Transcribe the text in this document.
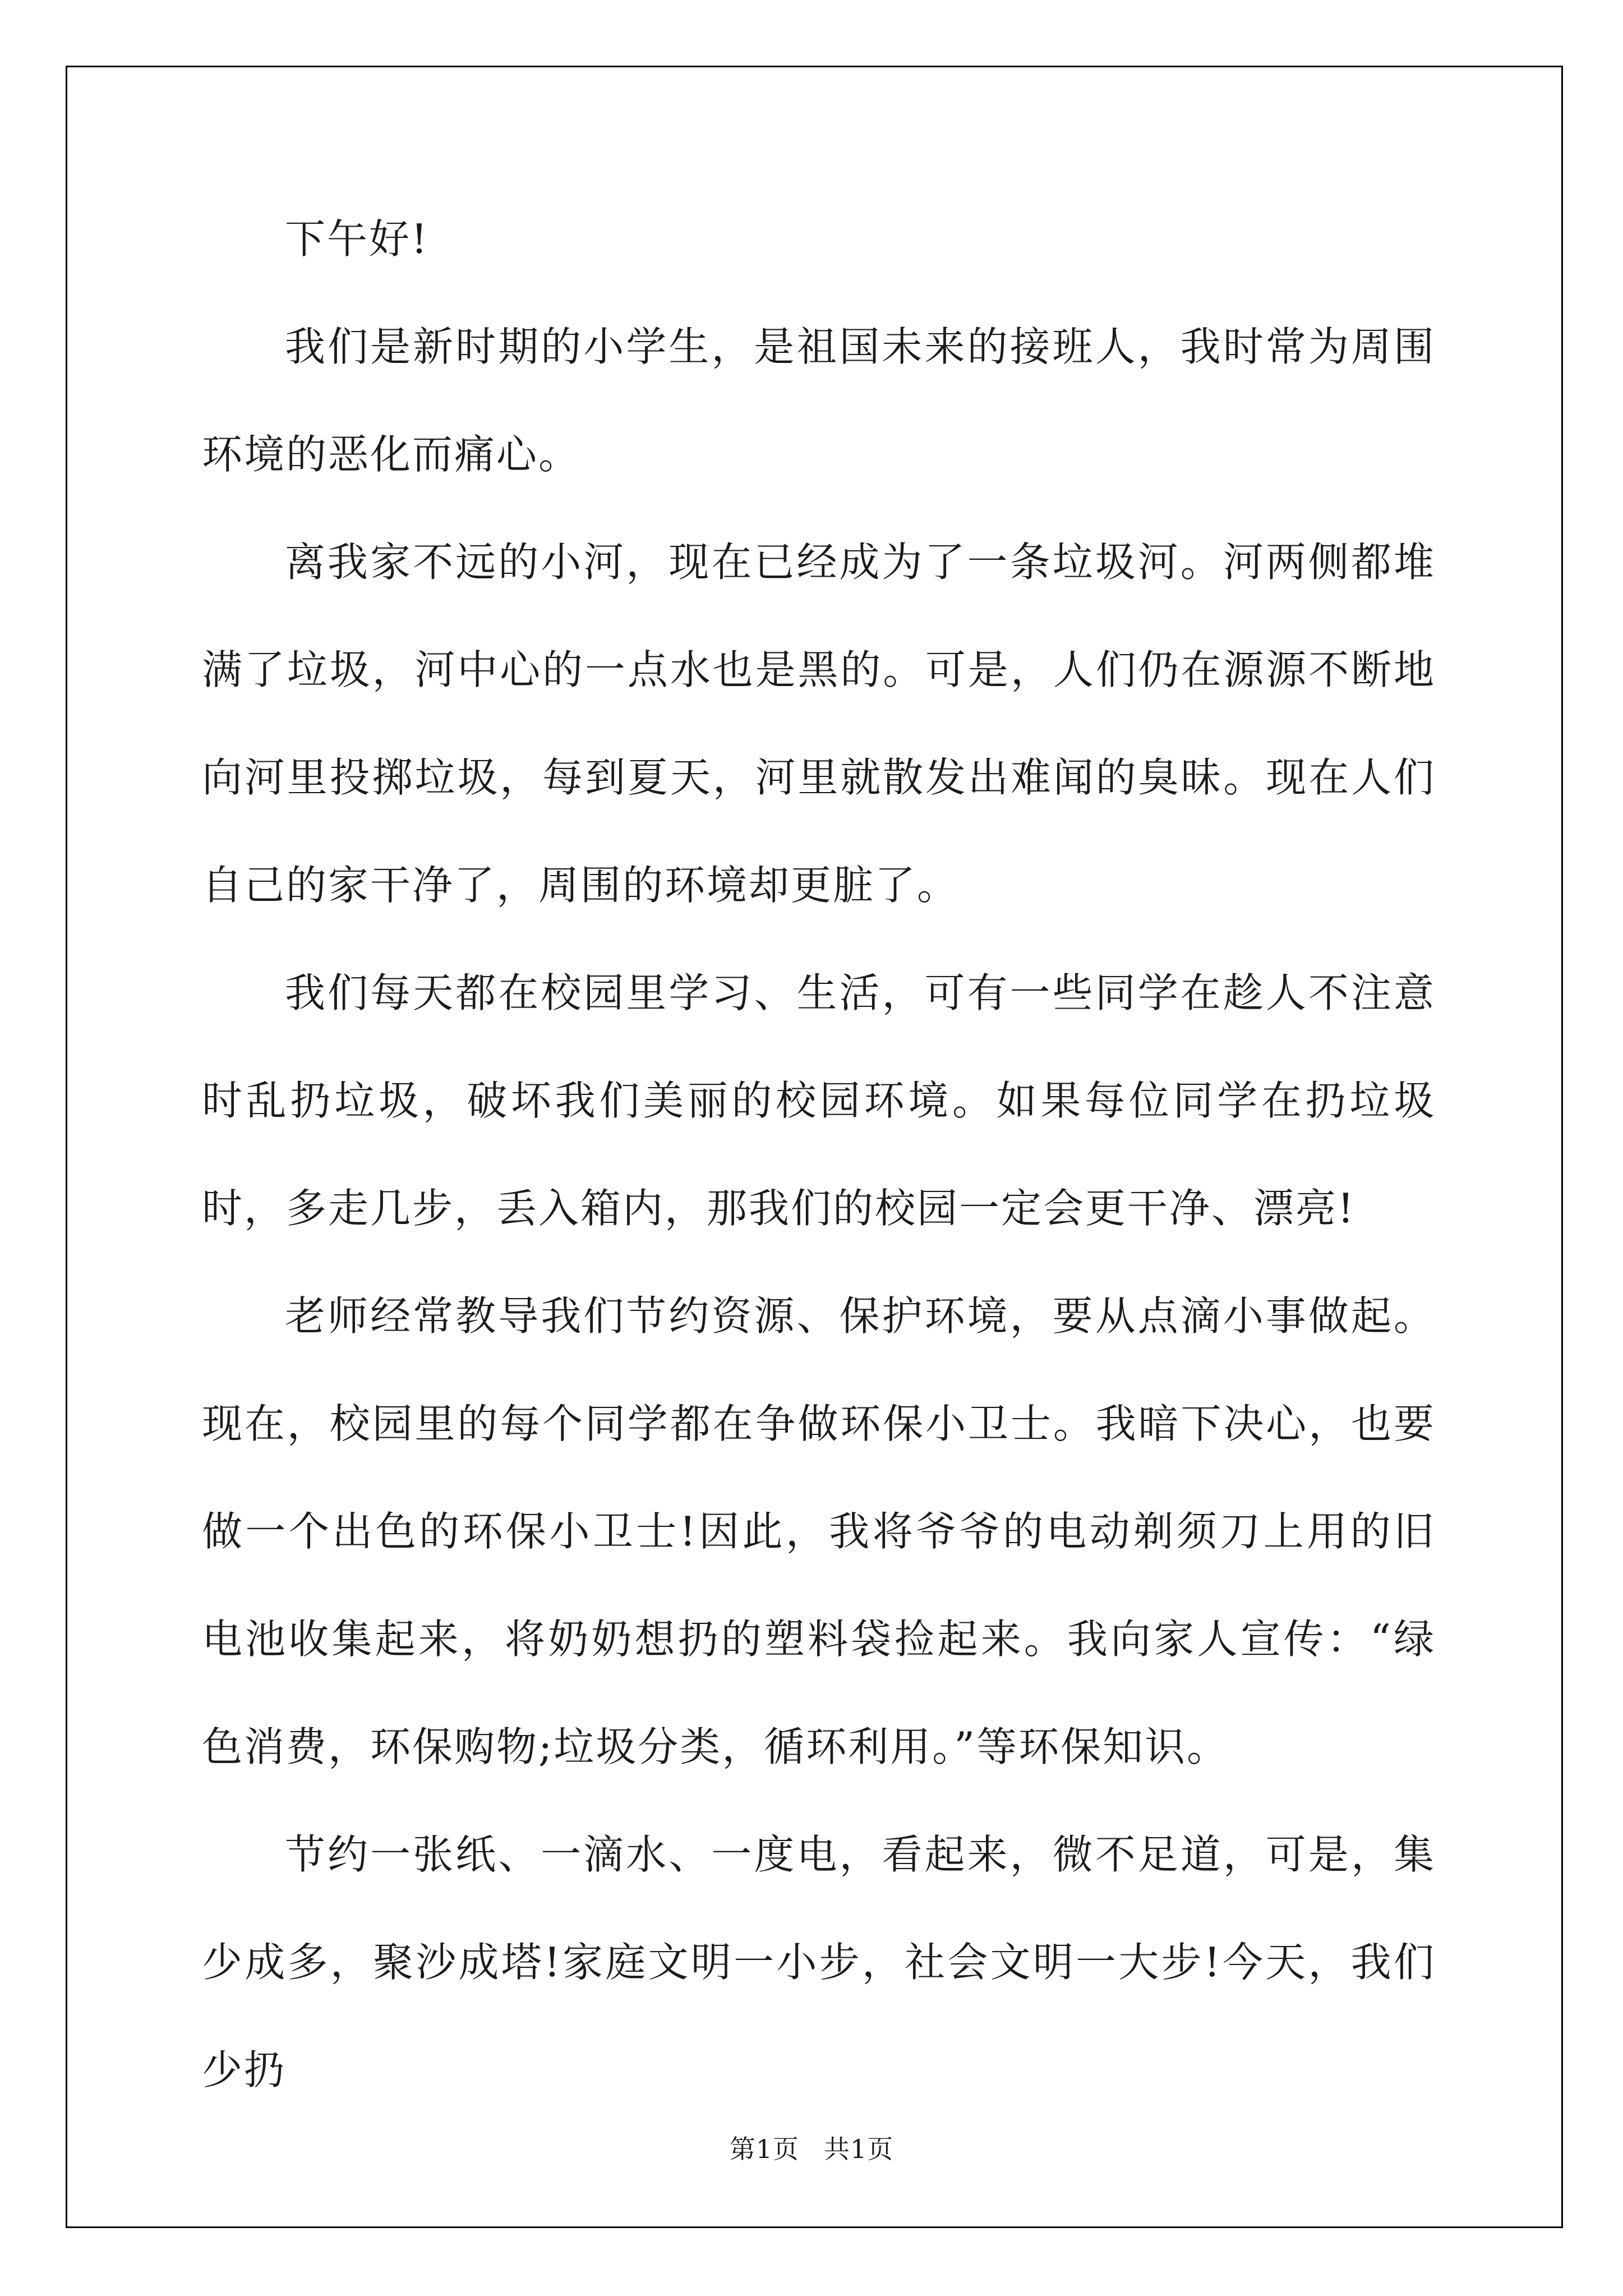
下午好!

我们是新时期的小学生，是祖国未来的接班人，我时常为周围环境的恶化而痛心。

离我家不远的小河，现在已经成为了一条垃圾河。河两侧都堆满了垃圾，河中心的一点水也是黑的。可是，人们仍在源源不断地向河里投掷垃圾，每到夏天，河里就散发出难闻的臭昧。现在人们自己的家干净了，周围的环境却更脏了。

我们每天都在校园里学习、生活，可有一些同学在趁人不注意时乱扔垃圾，破坏我们美丽的校园环境。如果每位同学在扔垃圾时，多走几步，丢入箱内，那我们的校园一定会更干净、漂亮!

老师经常教导我们节约资源、保护环境，要从点滴小事做起。现在，校园里的每个同学都在争做环保小卫士。我暗下决心，也要做一个出色的环保小卫士!因此，我将爷爷的电动剃须刀上用的旧电池收集起来，将奶奶想扔的塑料袋捡起来。我向家人宣传：“绿色消费，环保购物;垃圾分类，循环利用。”等环保知识。

节约一张纸、一滴水、一度电，看起来，微不足道，可是，集少成多，聚沙成塔!家庭文明一小步，社会文明一大步!今天，我们少扔

第1页 共1页
